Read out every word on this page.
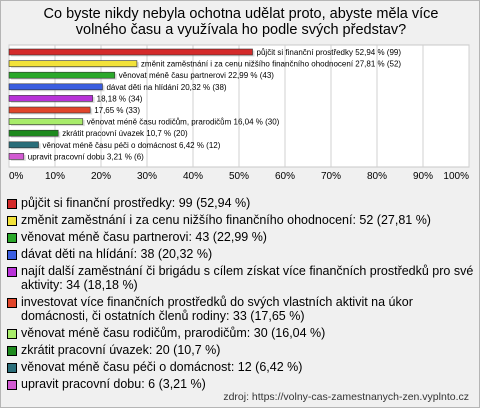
Co byste nikdy nebyla ochotna udělat proto, abyste měla více
volného času a využívala ho podle svých představ?
0% 10%	20%	30%	40%	50%	60%	70%	80%	90% 100%
půjčit si finanční prostředky 52,94 % (99)
změnit zaměstnání i za cenu nižšího finančního ohodnocení 27,81 % (52)
věnovat méně času partnerovi 22,99 % (43)
dávat děti na hlídání 20,32 % (38)
18,18 % (34)
17,65 % (33)
věnovat méně času rodičům, prarodičům 16,04 % (30)
zkrátit pracovní úvazek 10,7 % (20)
věnovat méně času péči o domácnost 6,42 % (12)
upravit pracovní dobu 3,21 % (6)
půjčit si finanční prostředky: 99 (52,94 %)
změnit zaměstnání i za cenu nižšího finančního ohodnocení: 52 (27,81 %)
věnovat méně času partnerovi: 43 (22,99 %)
dávat děti na hlídání: 38 (20,32 %)
najít další zaměstnání či brigádu s cílem získat více finančních prostředků pro své aktivity: 34 (18,18 %)
investovat více finančních prostředků do svých vlastních aktivit na úkor domácnosti, či ostatních členů rodiny: 33 (17,65 %)
věnovat méně času rodičům, prarodičům: 30 (16,04 %)
zkrátit pracovní úvazek: 20 (10,7 %)
věnovat méně času péči o domácnost: 12 (6,42 %)
upravit pracovní dobu: 6 (3,21 %)
zdroj: https://volny-cas-zamestnanych-zen.vyplnto.cz
